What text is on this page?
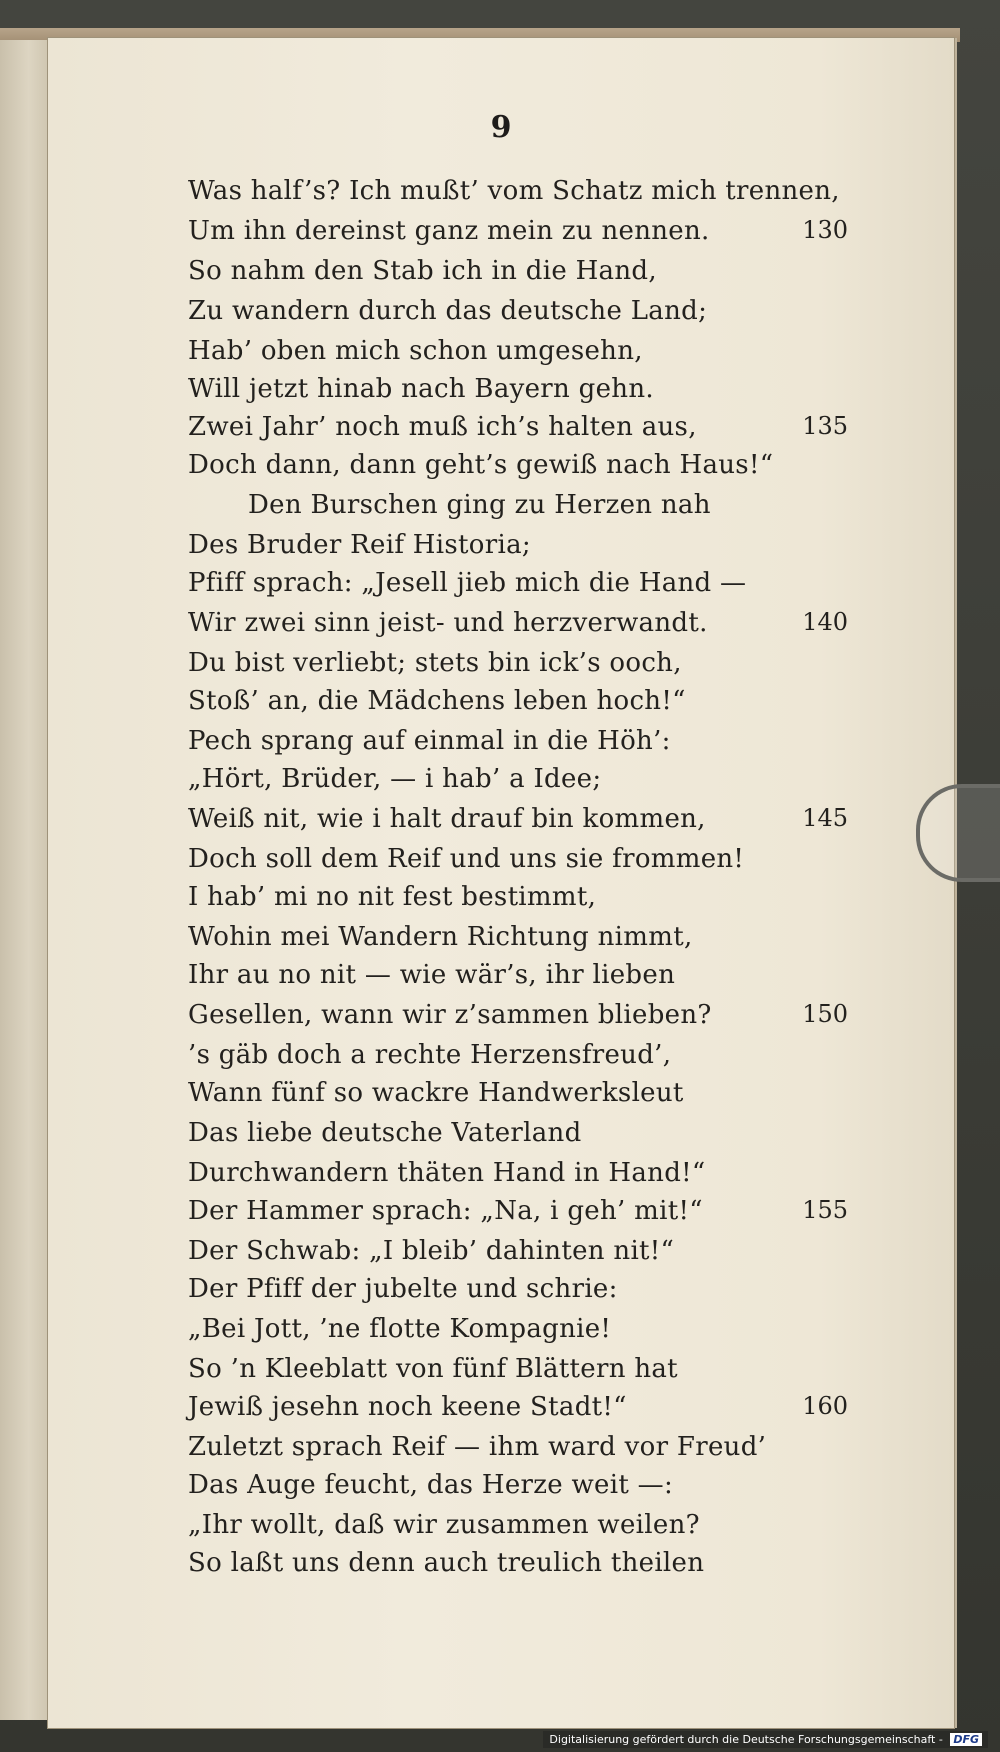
9
Was half’s? Ich mußt’ vom Schatz mich trennen,
Um ihn dereinst ganz mein zu nennen.	130
So nahm den Stab ich in die Hand,
Zu wandern durch das deutsche Land;
Hab’ oben mich schon umgesehn,
Will jetzt hinab nach Bayern gehn.
Zwei Jahr’ noch muß ich’s halten aus,	135
Doch dann, dann geht’s gewiß nach Haus!“
Den Burschen ging zu Herzen nah
Des Bruder Reif Historia;
Pfiff sprach: „Jesell jieb mich die Hand —
Wir zwei sinn jeist- und herzverwandt.	140
Du bist verliebt; stets bin ick’s ooch,
Stoß’ an, die Mädchens leben hoch!“
Pech sprang auf einmal in die Höh’:
„Hört, Brüder, — i hab’ a Idee;
Weiß nit, wie i halt drauf bin kommen,	145
Doch soll dem Reif und uns sie frommen!
I hab’ mi no nit fest bestimmt,
Wohin mei Wandern Richtung nimmt,
Ihr au no nit — wie wär’s, ihr lieben
Gesellen, wann wir z’sammen blieben?	150
’s gäb doch a rechte Herzensfreud’,
Wann fünf so wackre Handwerksleut
Das liebe deutsche Vaterland
Durchwandern thäten Hand in Hand!“
Der Hammer sprach: „Na, i geh’ mit!“	155
Der Schwab: „I bleib’ dahinten nit!“
Der Pfiff der jubelte und schrie:
„Bei Jott, ’ne flotte Kompagnie!
So ’n Kleeblatt von fünf Blättern hat
Jewiß jesehn noch keene Stadt!“	160
Zuletzt sprach Reif — ihm ward vor Freud’
Das Auge feucht, das Herze weit —:
„Ihr wollt, daß wir zusammen weilen?
So laßt uns denn auch treulich theilen
Digitalisierung gefördert durch die Deutsche Forschungsgemeinschaft - DFG
